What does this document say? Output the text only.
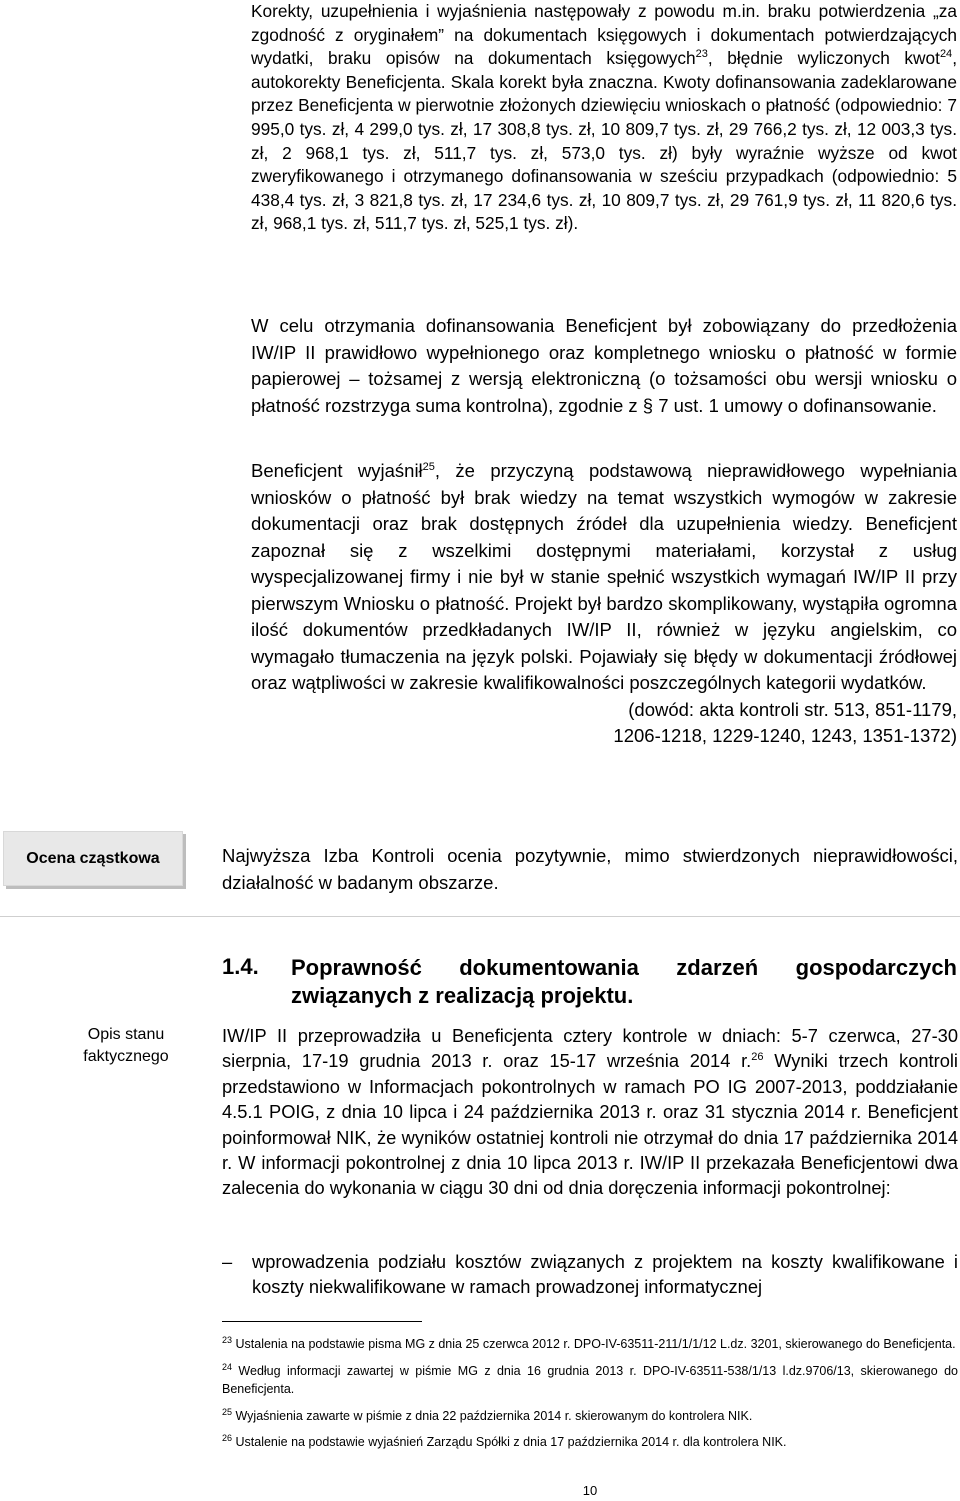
Korekty, uzupełnienia i wyjaśnienia następowały z powodu m.in. braku potwierdzenia „za zgodność z oryginałem” na dokumentach księgowych i dokumentach potwierdzających wydatki, braku opisów na dokumentach księgowych$^{23}$, błędnie wyliczonych kwot$^{24}$, autokorekty Beneficjenta. Skala korekt była znaczna. Kwoty dofinansowania zadeklarowane przez Beneficjenta w pierwotnie złożonych dziewięciu wnioskach o płatność (odpowiednio: 7 995,0 tys. zł, 4 299,0 tys. zł, 17 308,8 tys. zł, 10 809,7 tys. zł, 29 766,2 tys. zł, 12 003,3 tys. zł, 2 968,1 tys. zł, 511,7 tys. zł, 573,0 tys. zł) były wyraźnie wyższe od kwot zweryfikowanego i otrzymanego dofinansowania w sześciu przypadkach (odpowiednio: 5 438,4 tys. zł, 3 821,8 tys. zł, 17 234,6 tys. zł, 10 809,7 tys. zł, 29 761,9 tys. zł, 11 820,6 tys. zł, 968,1 tys. zł, 511,7 tys. zł, 525,1 tys. zł).

W celu otrzymania dofinansowania Beneficjent był zobowiązany do przedłożenia IW/IP II prawidłowo wypełnionego oraz kompletnego wniosku o płatność w formie papierowej – tożsamej z wersją elektroniczną (o tożsamości obu wersji wniosku o płatność rozstrzyga suma kontrolna), zgodnie z § 7 ust. 1 umowy o dofinansowanie.

Beneficjent wyjaśnił$^{25}$, że przyczyną podstawową nieprawidłowego wypełniania wniosków o płatność był brak wiedzy na temat wszystkich wymogów w zakresie dokumentacji oraz brak dostępnych źródeł dla uzupełnienia wiedzy. Beneficjent zapoznał się z wszelkimi dostępnymi materiałami, korzystał z usług wyspecjalizowanej firmy i nie był w stanie spełnić wszystkich wymagań IW/IP II przy pierwszym Wniosku o płatność. Projekt był bardzo skomplikowany, wystąpiła ogromna ilość dokumentów przedkładanych IW/IP II, również w języku angielskim, co wymagało tłumaczenia na język polski. Pojawiały się błędy w dokumentacji źródłowej oraz wątpliwości w zakresie kwalifikowalności poszczególnych kategorii wydatków.

(dowód: akta kontroli str. 513, 851-1179,

1206-1218, 1229-1240, 1243, 1351-1372)

Ocena cząstkowa	Najwyższa Izba Kontroli ocenia pozytywnie, mimo stwierdzonych nieprawidłowości, działalność w badanym obszarze.

1.4. Poprawność dokumentowania zdarzeń gospodarczych związanych z realizacją projektu.
Opis stanu
faktycznego

IW/IP II przeprowadziła u Beneficjenta cztery kontrole w dniach: 5-7 czerwca, 27-30 sierpnia, 17-19 grudnia 2013 r. oraz 15-17 września 2014 r.$^{26}$ Wyniki trzech kontroli przedstawiono w Informacjach pokontrolnych w ramach PO IG 2007-2013, poddziałanie 4.5.1 POIG, z dnia 10 lipca i 24 października 2013 r. oraz 31 stycznia 2014 r. Beneficjent poinformował NIK, że wyników ostatniej kontroli nie otrzymał do dnia 17 października 2014 r. W informacji pokontrolnej z dnia 10 lipca 2013 r. IW/IP II przekazała Beneficjentowi dwa zalecenia do wykonania w ciągu 30 dni od dnia doręczenia informacji pokontrolnej:

– wprowadzenia podziału kosztów związanych z projektem na koszty kwalifikowane i koszty niekwalifikowane w ramach prowadzonej informatycznej

$^{23}$ Ustalenia na podstawie pisma MG z dnia 25 czerwca 2012 r. DPO-IV-63511-211/1/1/12 L.dz. 3201, skierowanego do Beneficjenta.

$^{24}$ Według informacji zawartej w piśmie MG z dnia 16 grudnia 2013 r. DPO-IV-63511-538/1/13 l.dz.9706/13, skierowanego do Beneficjenta.

$^{25}$ Wyjaśnienia zawarte w piśmie z dnia 22 października 2014 r. skierowanym do kontrolera NIK.

$^{26}$ Ustalenie na podstawie wyjaśnień Zarządu Spółki z dnia 17 października 2014 r. dla kontrolera NIK.

10
